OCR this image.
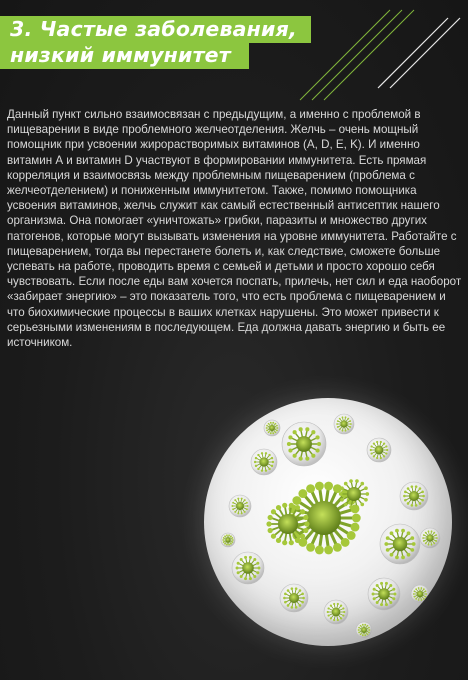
3. Частые заболевания,
низкий иммунитет

Данный пункт сильно взаимосвязан с предыдущим, а именно с проблемой в пищеварении в виде проблемного желчеотделения. Желчь – очень мощный помощник при усвоении жирорастворимых витаминов (A, D, E, K). И именно витамин А и витамин D участвуют в формировании иммунитета. Есть прямая корреляция и взаимосвязь между проблемным пищеварением (проблема с желчеотделением) и пониженным иммунитетом. Также, помимо помощника усвоения витаминов, желчь служит как самый естественный антисептик нашего организма. Она помогает «уничтожать» грибки, паразиты и множество других патогенов, которые могут вызывать изменения на уровне иммунитета. Работайте с пищеварением, тогда вы перестанете болеть и, как следствие, сможете больше успевать на работе, проводить время с семьей и детьми и просто хорошо себя чувствовать. Если после еды вам хочется поспать, прилечь, нет сил и еда наоборот «забирает энергию» – это показатель того, что есть проблема с пищеварением и что биохимические процессы в ваших клетках нарушены. Это может привести к серьезными изменениям в последующем. Еда должна давать энергию и быть ее источником.
